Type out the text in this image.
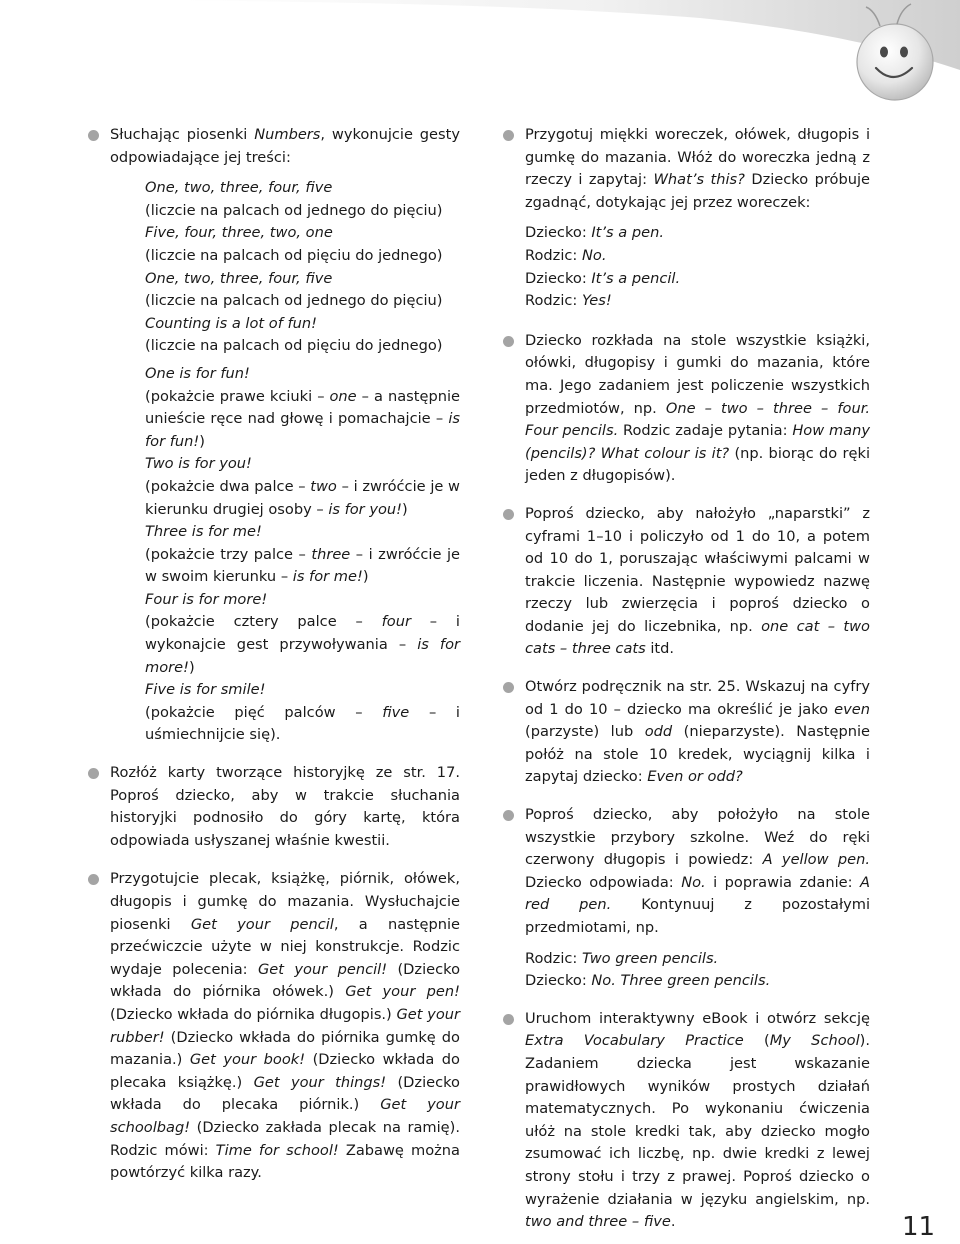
Słuchając piosenki Numbers, wykonujcie gesty odpowiadające jej treści:

One, two, three, four, five

(liczcie na palcach od jednego do pięciu)

Five, four, three, two, one

(liczcie na palcach od pięciu do jednego)

One, two, three, four, five

(liczcie na palcach od jednego do pięciu)

Counting is a lot of fun!

(liczcie na palcach od pięciu do jednego)

One is for fun!

(pokażcie prawe kciuki – one – a następnie unieście ręce nad głowę i pomachajcie – is for fun!)

Two is for you!

(pokażcie dwa palce – two – i zwróćcie je w kierunku drugiej osoby – is for you!)

Three is for me!

(pokażcie trzy palce – three – i zwróćcie je w swoim kierunku – is for me!)

Four is for more!

(pokażcie cztery palce – four – i wykonajcie gest przywoływania – is for more!)

Five is for smile!

(pokażcie pięć palców – five – i uśmiechnijcie się).

Rozłóż karty tworzące historyjkę ze str. 17. Poproś dziecko, aby w trakcie słuchania historyjki podnosiło do góry kartę, która odpowiada usłyszanej właśnie kwestii.

Przygotujcie plecak, książkę, piórnik, ołówek, długopis i gumkę do mazania. Wysłuchajcie piosenki Get your pencil, a następnie przećwiczcie użyte w niej konstrukcje. Rodzic wydaje polecenia: Get your pencil! (Dziecko wkłada do piórnika ołówek.) Get your pen! (Dziecko wkłada do piórnika długopis.) Get your rubber! (Dziecko wkłada do piórnika gumkę do mazania.) Get your book! (Dziecko wkłada do plecaka książkę.) Get your things! (Dziecko wkłada do plecaka piórnik.) Get your schoolbag! (Dziecko zakłada plecak na ramię). Rodzic mówi: Time for school! Zabawę można powtórzyć kilka razy.

Przygotuj miękki woreczek, ołówek, długopis i gumkę do mazania. Włóż do woreczka jedną z rzeczy i zapytaj: What’s this? Dziecko próbuje zgadnąć, dotykając jej przez woreczek:

Dziecko: It’s a pen.

Rodzic: No.

Dziecko: It’s a pencil.

Rodzic: Yes!

Dziecko rozkłada na stole wszystkie książki, ołówki, długopisy i gumki do mazania, które ma. Jego zadaniem jest policzenie wszystkich przedmiotów, np. One – two – three – four. Four pencils. Rodzic zadaje pytania: How many (pencils)? What colour is it? (np. biorąc do ręki jeden z długopisów).

Poproś dziecko, aby nałożyło „naparstki” z cyframi 1–10 i policzyło od 1 do 10, a potem od 10 do 1, poruszając właściwymi palcami w trakcie liczenia. Następnie wypowiedz nazwę rzeczy lub zwierzęcia i poproś dziecko o dodanie jej do liczebnika, np. one cat – two cats – three cats itd.

Otwórz podręcznik na str. 25. Wskazuj na cyfry od 1 do 10 – dziecko ma określić je jako even (parzyste) lub odd (nieparzyste). Następnie połóż na stole 10 kredek, wyciągnij kilka i zapytaj dziecko: Even or odd?

Poproś dziecko, aby położyło na stole wszystkie przybory szkolne. Weź do ręki czerwony długopis i powiedz: A yellow pen. Dziecko odpowiada: No. i poprawia zdanie: A red pen. Kontynuuj z pozostałymi przedmiotami, np.

Rodzic: Two green pencils.

Dziecko: No. Three green pencils.

Uruchom interaktywny eBook i otwórz sekcję Extra Vocabulary Practice (My School). Zadaniem dziecka jest wskazanie prawidłowych wyników prostych działań matematycznych. Po wykonaniu ćwiczenia ułóż na stole kredki tak, aby dziecko mogło zsumować ich liczbę, np. dwie kredki z lewej strony stołu i trzy z prawej. Poproś dziecko o wyrażenie działania w języku angielskim, np. two and three – five.	11
